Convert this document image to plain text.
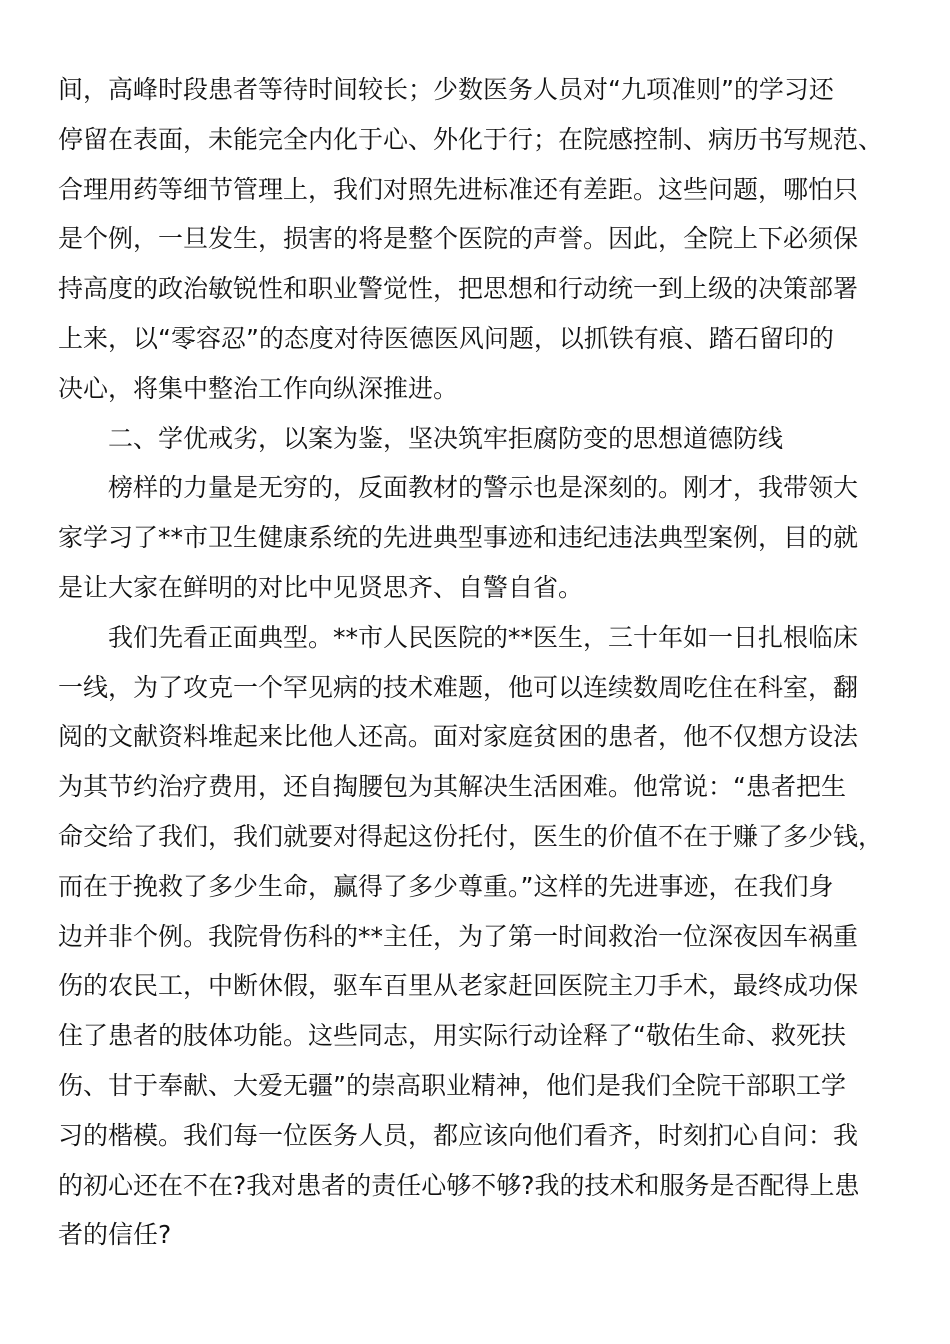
间，高峰时段患者等待时间较长；少数医务人员对“九项准则”的学习还
停留在表面，未能完全内化于心、外化于行；在院感控制、病历书写规范、
合理用药等细节管理上，我们对照先进标准还有差距。这些问题，哪怕只
是个例，一旦发生，损害的将是整个医院的声誉。因此，全院上下必须保
持高度的政治敏锐性和职业警觉性，把思想和行动统一到上级的决策部署
上来，以“零容忍”的态度对待医德医风问题，以抓铁有痕、踏石留印的
决心，将集中整治工作向纵深推进。
二、学优戒劣，以案为鉴，坚决筑牢拒腐防变的思想道德防线
榜样的力量是无穷的，反面教材的警示也是深刻的。刚才，我带领大
家学习了**市卫生健康系统的先进典型事迹和违纪违法典型案例，目的就
是让大家在鲜明的对比中见贤思齐、自警自省。
我们先看正面典型。**市人民医院的**医生，三十年如一日扎根临床
一线，为了攻克一个罕见病的技术难题，他可以连续数周吃住在科室，翻
阅的文献资料堆起来比他人还高。面对家庭贫困的患者，他不仅想方设法
为其节约治疗费用，还自掏腰包为其解决生活困难。他常说：“患者把生
命交给了我们，我们就要对得起这份托付，医生的价值不在于赚了多少钱，
而在于挽救了多少生命，赢得了多少尊重。”这样的先进事迹，在我们身
边并非个例。我院骨伤科的**主任，为了第一时间救治一位深夜因车祸重
伤的农民工，中断休假，驱车百里从老家赶回医院主刀手术，最终成功保
住了患者的肢体功能。这些同志，用实际行动诠释了“敬佑生命、救死扶
伤、甘于奉献、大爱无疆”的崇高职业精神，他们是我们全院干部职工学
习的楷模。我们每一位医务人员，都应该向他们看齐，时刻扪心自问：我
的初心还在不在?我对患者的责任心够不够?我的技术和服务是否配得上患
者的信任?
